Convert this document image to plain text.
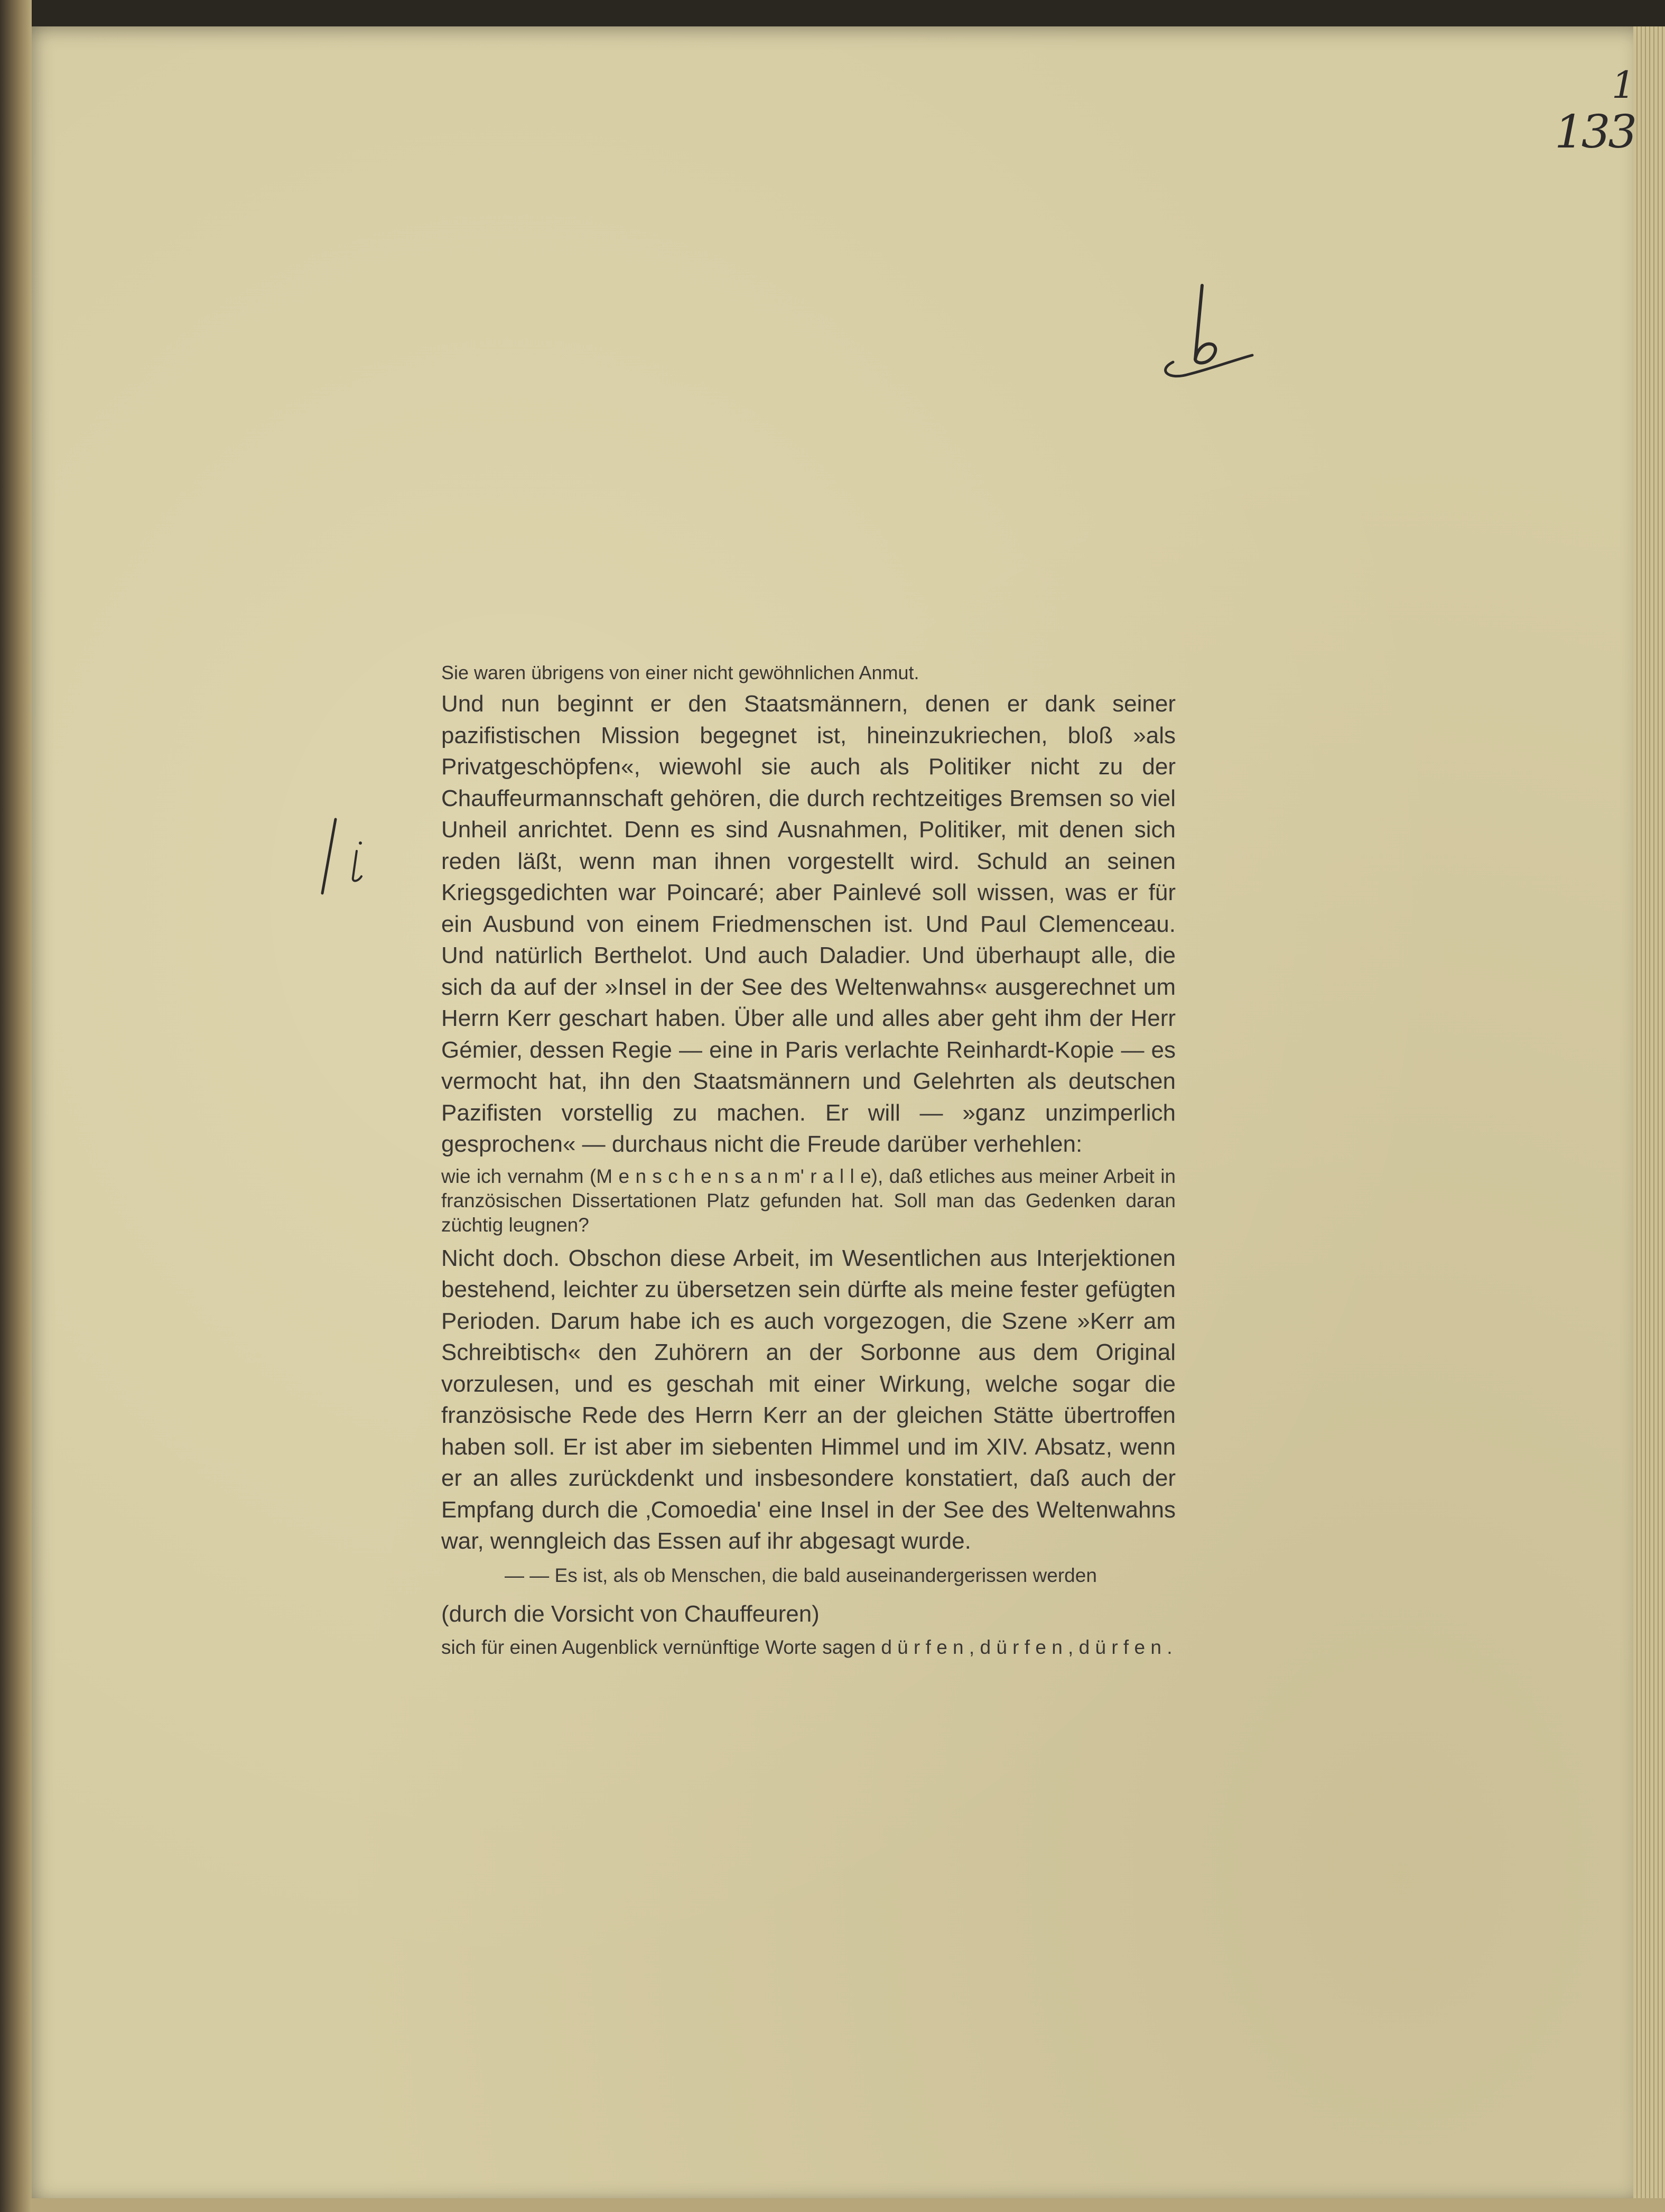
133
1
b
/i

Sie waren übrigens von einer nicht gewöhnlichen Anmut.

Und nun beginnt er den Staatsmännern, denen er dank seiner pazifistischen Mission begegnet ist, hineinzukriechen, bloß »als Privatgeschöpfen«, wiewohl sie auch als Politiker nicht zu der Chauffeurmannschaft gehören, die durch rechtzeitiges Bremsen so viel Unheil anrichtet. Denn es sind Ausnahmen, Politiker, mit denen sich reden läßt, wenn man ihnen vorgestellt wird. Schuld an seinen Kriegsgedichten war Poincaré; aber Painlevé soll wissen, was er für ein Ausbund von einem Friedmenschen ist. Und Paul Clemenceau. Und natürlich Berthelot. Und auch Daladier. Und überhaupt alle, die sich da auf der »Insel in der See des Weltenwahns« ausgerechnet um Herrn Kerr geschart haben. Über alle und alles aber geht ihm der Herr Gémier, dessen Regie — eine in Paris verlachte Reinhardt-Kopie — es vermocht hat, ihn den Staatsmännern und Gelehrten als deutschen Pazifisten vorstellig zu machen. Er will — »ganz unzimperlich gesprochen« — durchaus nicht die Freude darüber verhehlen:

wie ich vernahm (M e n s c h e n s a n m' r a l l e), daß etliches aus meiner Arbeit in französischen Dissertationen Platz gefunden hat. Soll man das Gedenken daran züchtig leugnen?

Nicht doch. Obschon diese Arbeit, im Wesentlichen aus Interjektionen bestehend, leichter zu übersetzen sein dürfte als meine fester gefügten Perioden. Darum habe ich es auch vorgezogen, die Szene »Kerr am Schreibtisch« den Zuhörern an der Sorbonne aus dem Original vorzulesen, und es geschah mit einer Wirkung, welche sogar die französische Rede des Herrn Kerr an der gleichen Stätte übertroffen haben soll. Er ist aber im siebenten Himmel und im XIV. Absatz, wenn er an alles zurückdenkt und insbesondere konstatiert, daß auch der Empfang durch die ‚Comoedia' eine Insel in der See des Weltenwahns war, wenngleich das Essen auf ihr abgesagt wurde.

— — Es ist, als ob Menschen, die bald auseinandergerissen werden

(durch die Vorsicht von Chauffeuren)

sich für einen Augenblick vernünftige Worte sagen d ü r f e n , d ü r f e n , d ü r f e n .
